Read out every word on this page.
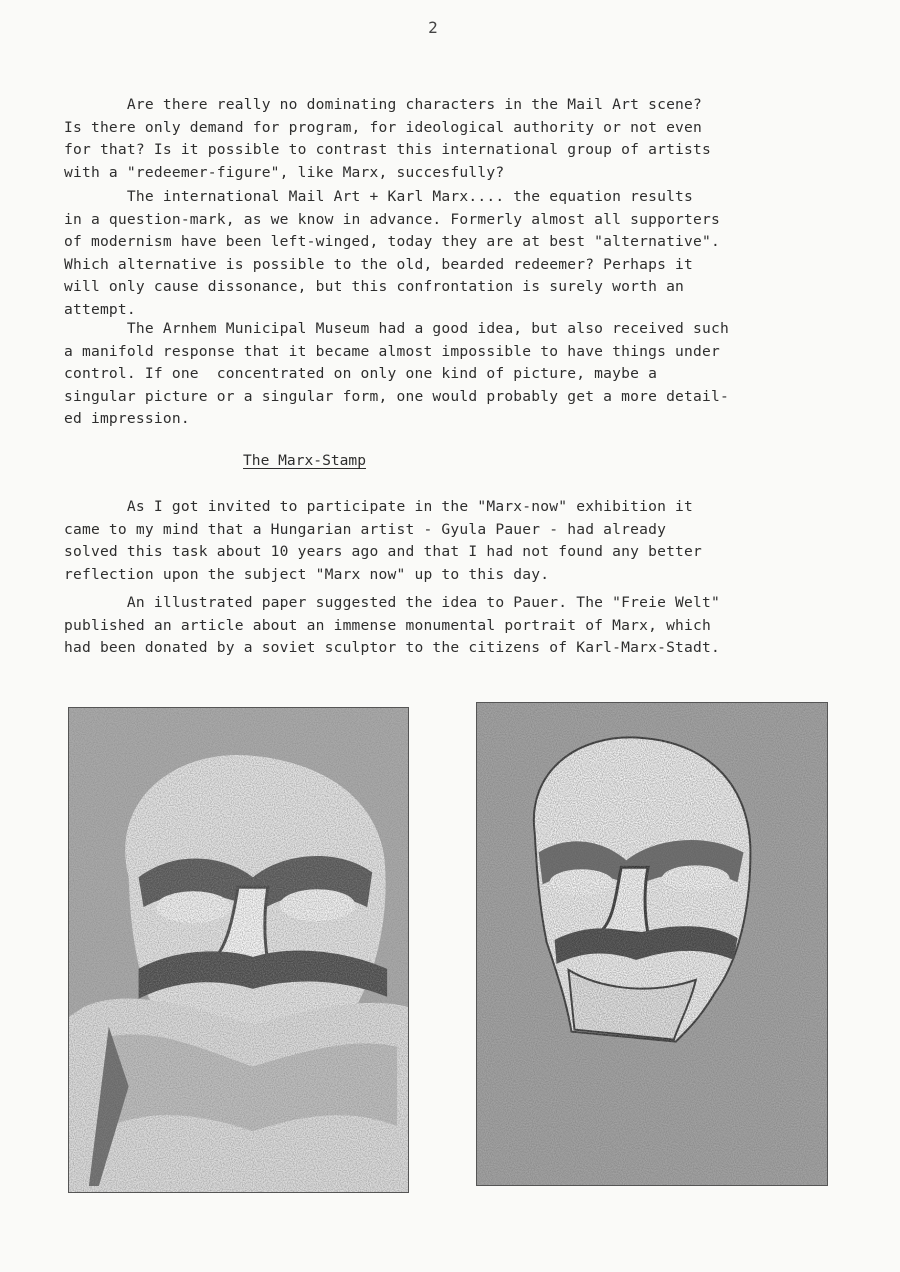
2

Are there really no dominating characters in the Mail Art scene?
Is there only demand for program, for ideological authority or not even
for that? Is it possible to contrast this international group of artists
with a "redeemer-figure", like Marx, succesfully?

The international Mail Art + Karl Marx.... the equation results
in a question-mark, as we know in advance. Formerly almost all supporters
of modernism have been left-winged, today they are at best "alternative".
Which alternative is possible to the old, bearded redeemer? Perhaps it
will only cause dissonance, but this confrontation is surely worth an
attempt.

The Arnhem Municipal Museum had a good idea, but also received such
a manifold response that it became almost impossible to have things under
control. If one  concentrated on only one kind of picture, maybe a
singular picture or a singular form, one would probably get a more detail-
ed impression.

The Marx-Stamp

As I got invited to participate in the "Marx-now" exhibition it
came to my mind that a Hungarian artist - Gyula Pauer - had already
solved this task about 10 years ago and that I had not found any better
reflection upon the subject "Marx now" up to this day.

An illustrated paper suggested the idea to Pauer. The "Freie Welt"
published an article about an immense monumental portrait of Marx, which
had been donated by a soviet sculptor to the citizens of Karl-Marx-Stadt.
